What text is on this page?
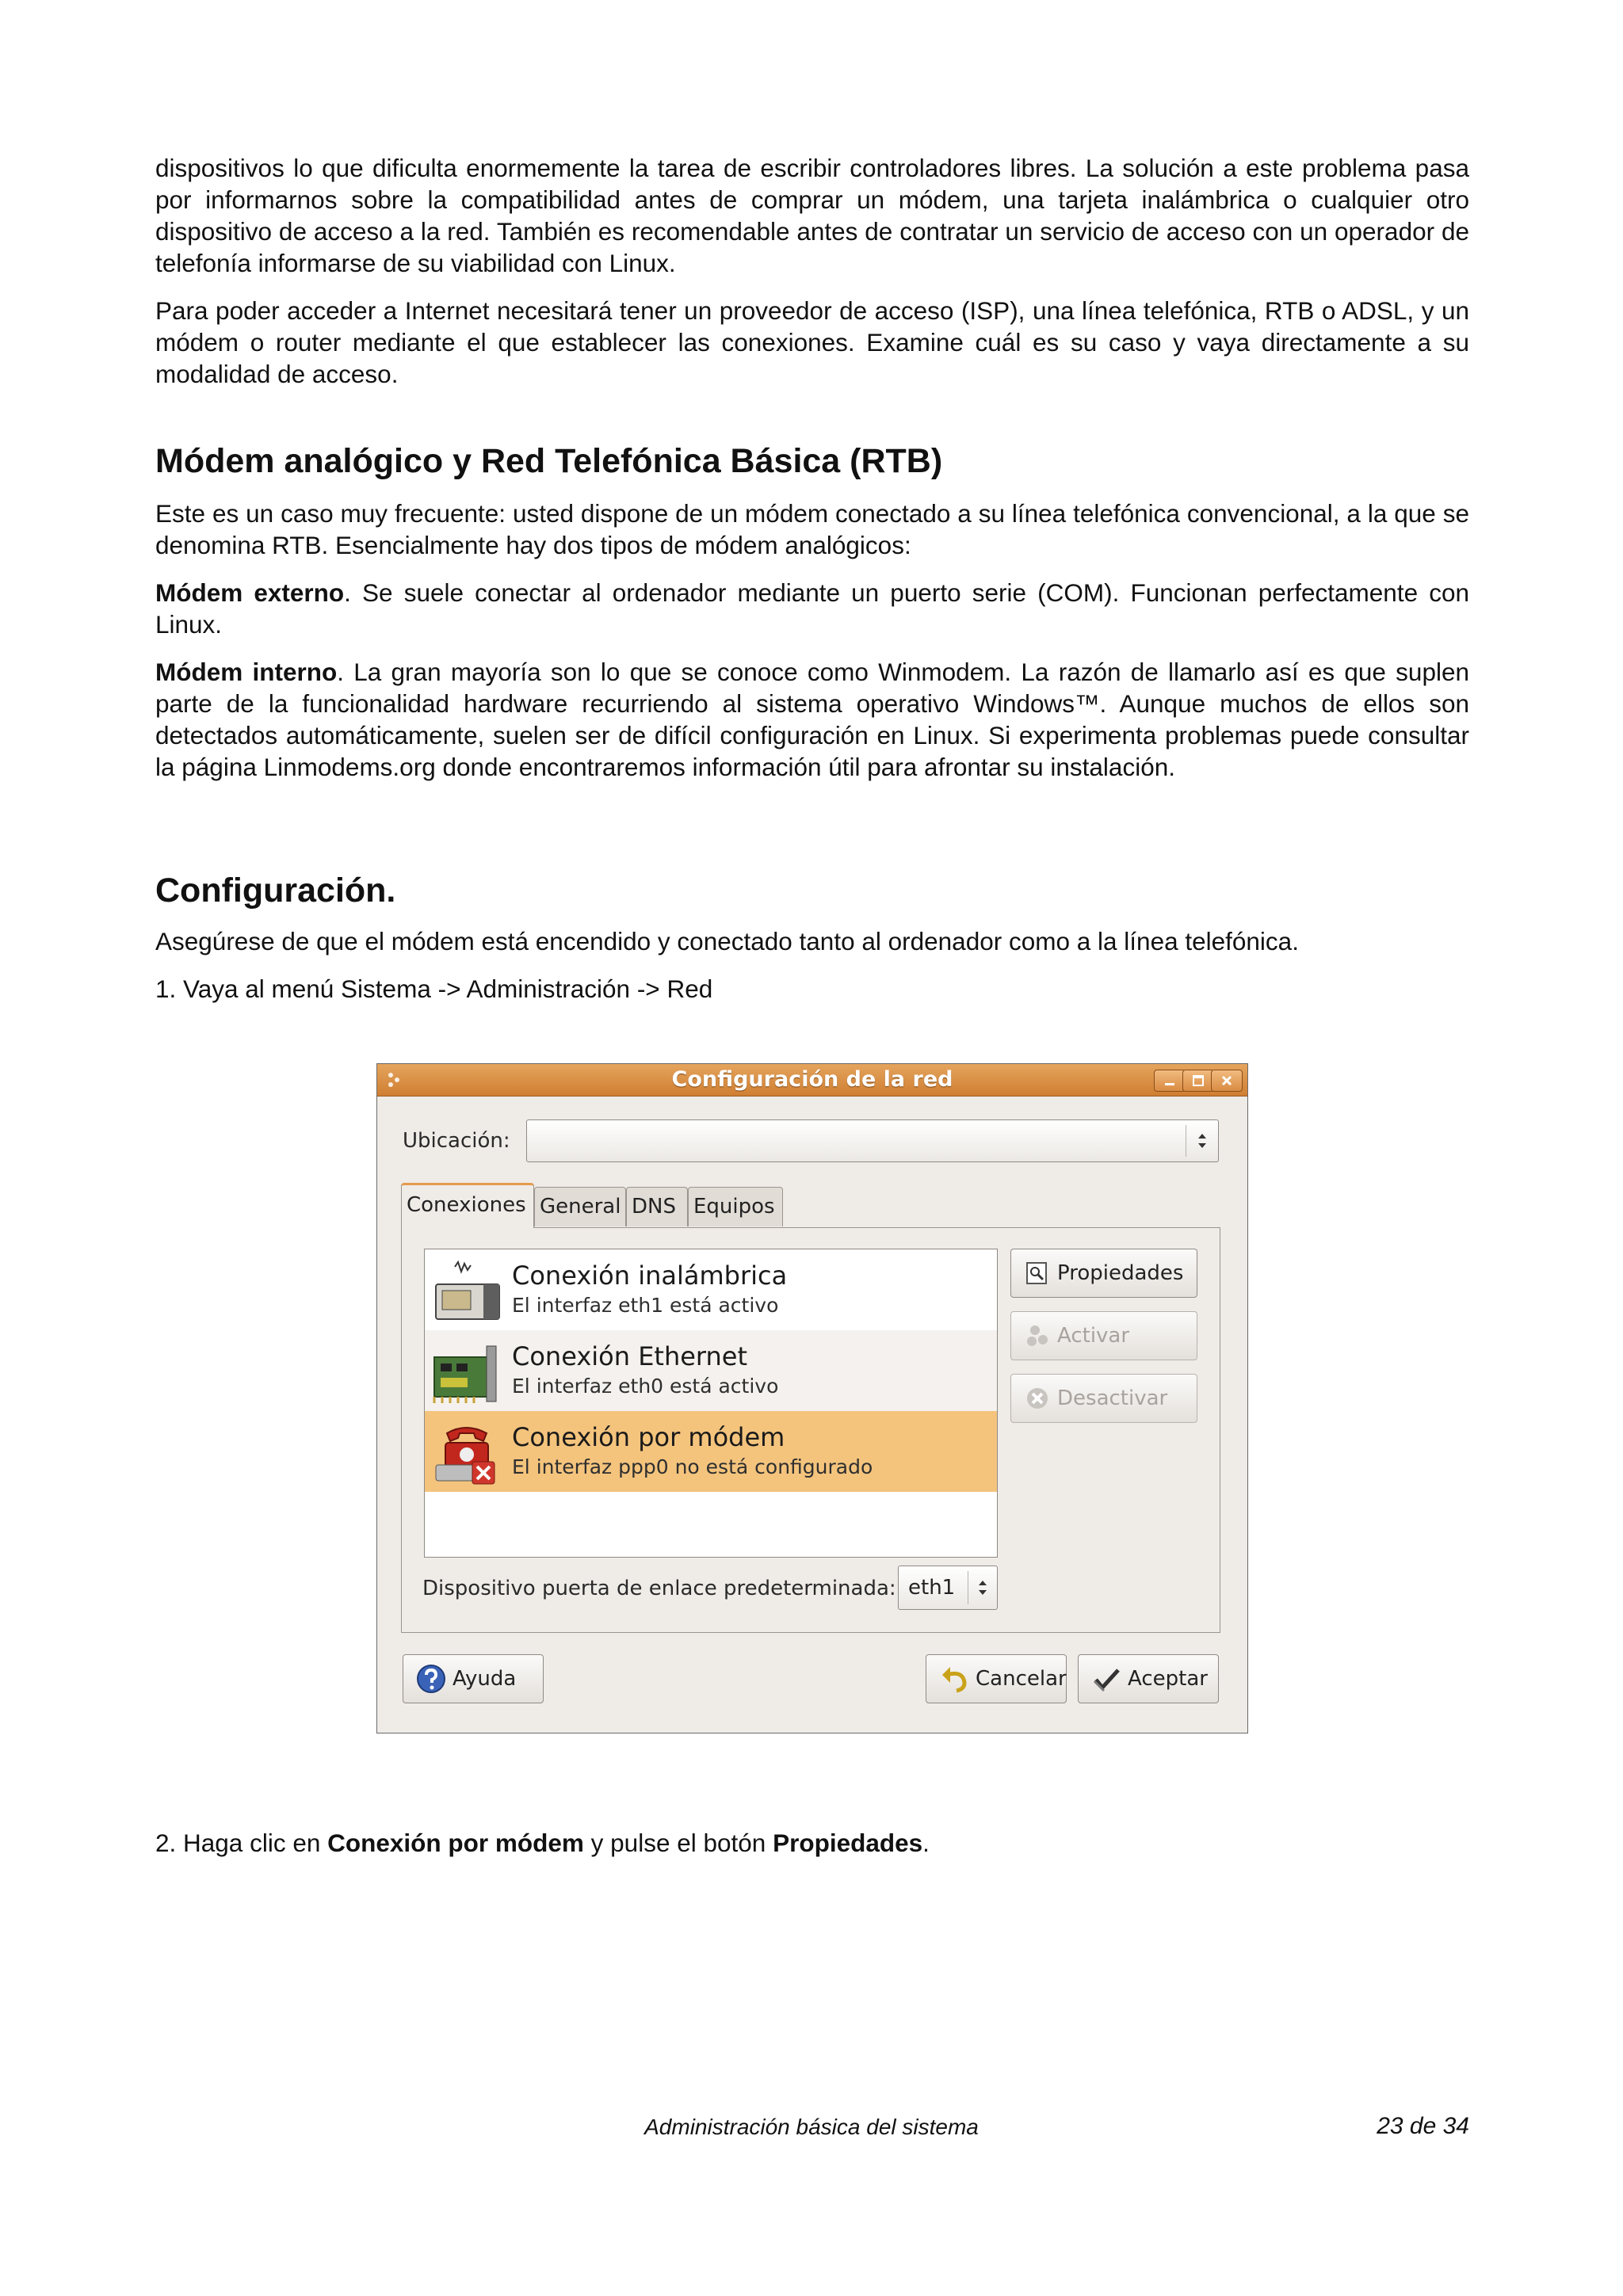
dispositivos lo que dificulta enormemente la tarea de escribir controladores libres. La solución a este problema pasa por informarnos sobre la compatibilidad antes de comprar un módem, una tarjeta inalámbrica o cualquier otro dispositivo de acceso a la red. También es recomendable antes de contratar un servicio de acceso con un operador de telefonía informarse de su viabilidad con Linux.

Para poder acceder a Internet necesitará tener un proveedor de acceso (ISP), una línea telefónica, RTB o ADSL, y un módem o router mediante el que establecer las conexiones. Examine cuál es su caso y vaya directamente a su modalidad de acceso.

Módem analógico y Red Telefónica Básica (RTB)

Este es un caso muy frecuente: usted dispone de un módem conectado a su línea telefónica convencional, a la que se denomina RTB. Esencialmente hay dos tipos de módem analógicos:

Módem externo. Se suele conectar al ordenador mediante un puerto serie (COM). Funcionan perfectamente con Linux.

Módem interno. La gran mayoría son lo que se conoce como Winmodem. La razón de llamarlo así es que suplen parte de la funcionalidad hardware recurriendo al sistema operativo Windows™. Aunque muchos de ellos son detectados automáticamente, suelen ser de difícil configuración en Linux. Si experimenta problemas puede consultar la página Linmodems.org donde encontraremos información útil para afrontar su instalación.

Configuración.

Asegúrese de que el módem está encendido y conectado tanto al ordenador como a la línea telefónica.

1. Vaya al menú Sistema -> Administración -> Red

Configuración de la red
Ubicación:
Conexiones General DNS Equipos
Conexión inalámbrica
El interfaz eth1 está activo
Conexión Ethernet
El interfaz eth0 está activo
Conexión por módem
El interfaz ppp0 no está configurado
Propiedades
Activar
Desactivar
Dispositivo puerta de enlace predeterminada: eth1
Ayuda	Cancelar	Aceptar

2. Haga clic en Conexión por módem y pulse el botón Propiedades.

Administración básica del sistema	23 de 34
